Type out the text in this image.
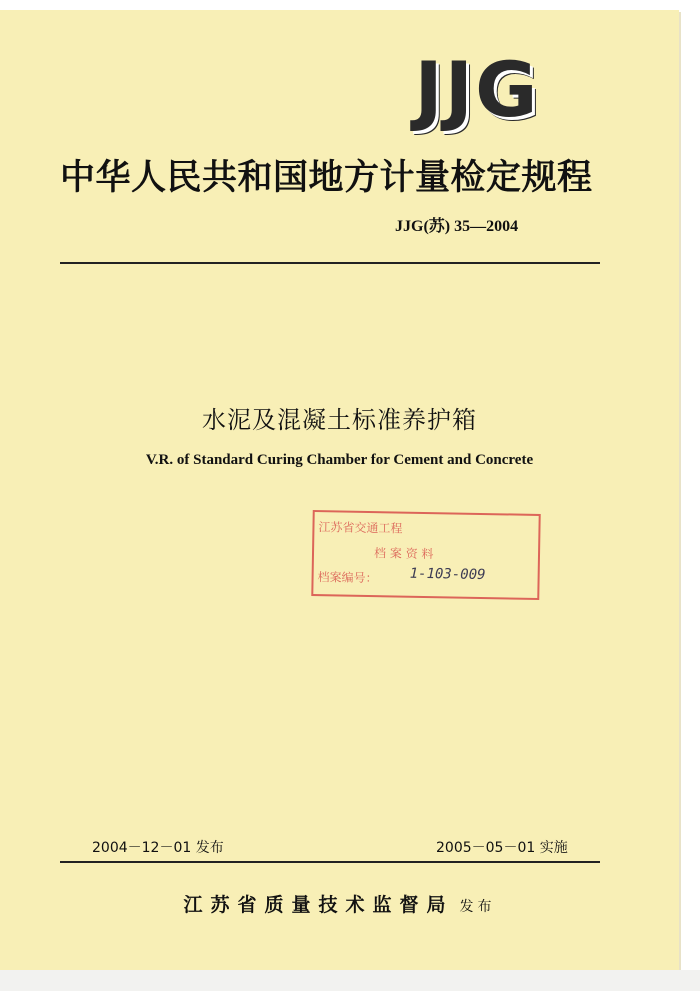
JJG
中华人民共和国地方计量检定规程
JJG(苏) 35—2004
水泥及混凝土标准养护箱
V.R. of Standard Curing Chamber for Cement and Concrete
江苏省交通工程
档 案 资 料
档案编号： 1-103-009
2004－12－01 发布	2005－05－01 实施
江苏省质量技术监督局 发布
